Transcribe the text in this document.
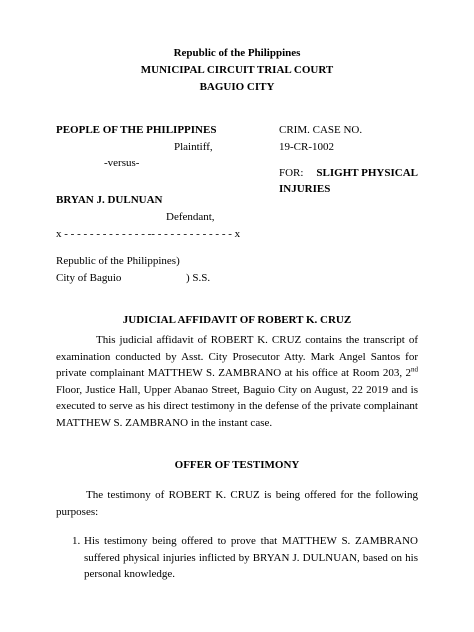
Republic of the Philippines
MUNICIPAL CIRCUIT TRIAL COURT
BAGUIO CITY
PEOPLE OF THE PHILIPPINES
Plaintiff,
-versus-
BRYAN J. DULNUAN
Defendant,
x - - - - - - - - - - - - - -- - - - - - - - - - - - - x
CRIM. CASE NO.
19-CR-1002
FOR:	SLIGHT PHYSICAL
INJURIES
Republic of the Philippines)
City of Baguio	) S.S.
JUDICIAL AFFIDAVIT OF ROBERT K. CRUZ
This judicial affidavit of ROBERT K. CRUZ contains the transcript of examination conducted by Asst. City Prosecutor Atty. Mark Angel Santos for private complainant MATTHEW S. ZAMBRANO at his office at Room 203, 2nd Floor, Justice Hall, Upper Abanao Street, Baguio City on August, 22 2019 and is executed to serve as his direct testimony in the defense of the private complainant MATTHEW S. ZAMBRANO in the instant case.
OFFER OF TESTIMONY
The testimony of ROBERT K. CRUZ is being offered for the following purposes:
1. His testimony being offered to prove that MATTHEW S. ZAMBRANO suffered physical injuries inflicted by BRYAN J. DULNUAN, based on his personal knowledge.
